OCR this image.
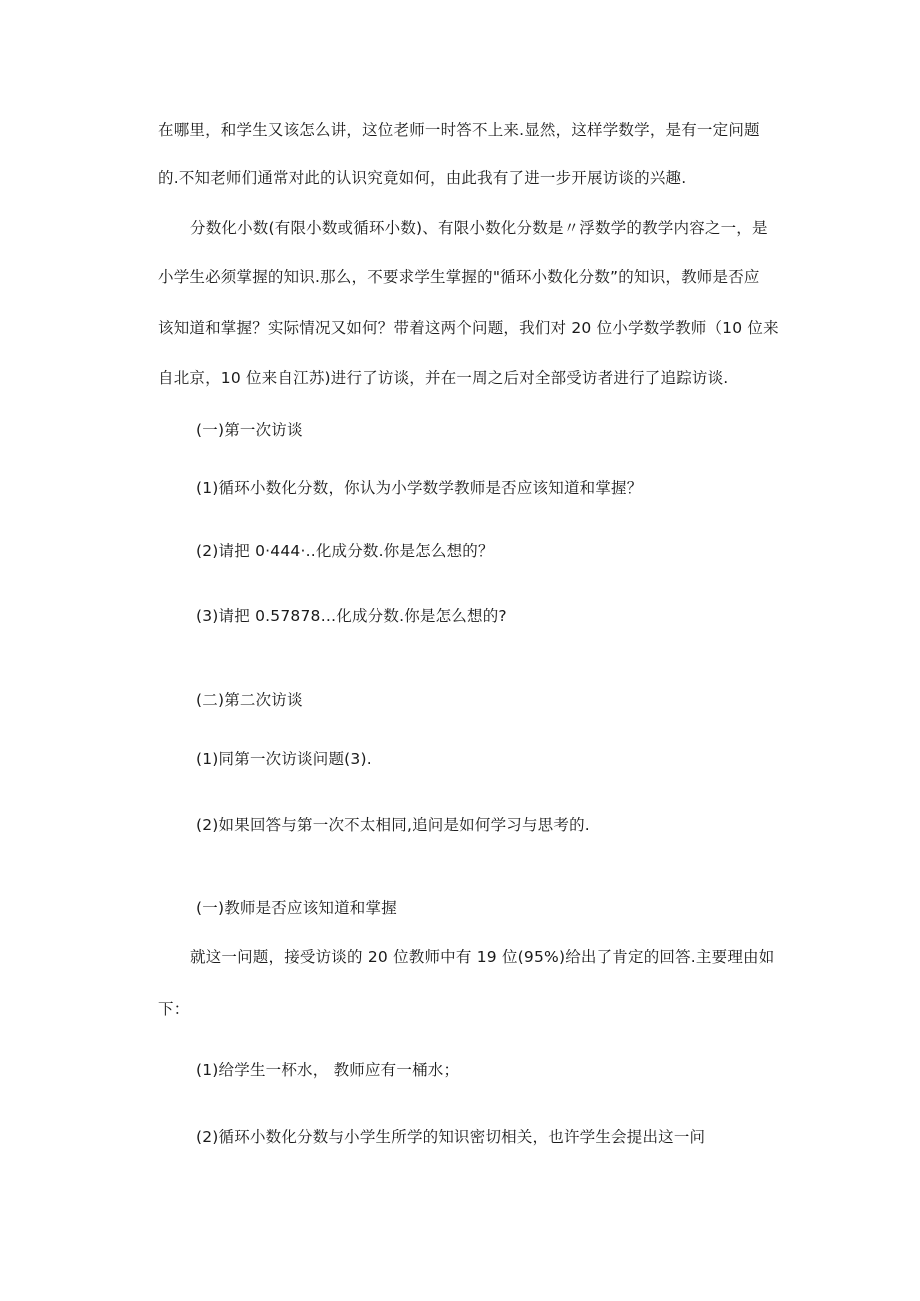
在哪里，和学生又该怎么讲，这位老师一时答不上来.显然，这样学数学，是有一定问题

的.不知老师们通常对此的认识究竟如何，由此我有了进一步开展访谈的兴趣.

分数化小数(有限小数或循环小数)、有限小数化分数是〃浮数学的教学内容之一，是

小学生必须掌握的知识.那么，不要求学生掌握的"循环小数化分数”的知识，教师是否应

该知道和掌握？实际情况又如何？带着这两个问题，我们对 20 位小学数学教师（10 位来

自北京，10 位来自江苏)进行了访谈，并在一周之后对全部受访者进行了追踪访谈.

(一)第一次访谈

(1)循环小数化分数，你认为小学数学教师是否应该知道和掌握？

(2)请把 0·444·..化成分数.你是怎么想的？

(3)请把 0.57878…化成分数.你是怎么想的?

(二)第二次访谈

(1)同第一次访谈问题(3).

(2)如果回答与第一次不太相同,追问是如何学习与思考的.

(一)教师是否应该知道和掌握

就这一问题，接受访谈的 20 位教师中有 19 位(95%)给出了肯定的回答.主要理由如

下：

(1)给学生一杯水， 教师应有一桶水；

(2)循环小数化分数与小学生所学的知识密切相关，也许学生会提出这一问
